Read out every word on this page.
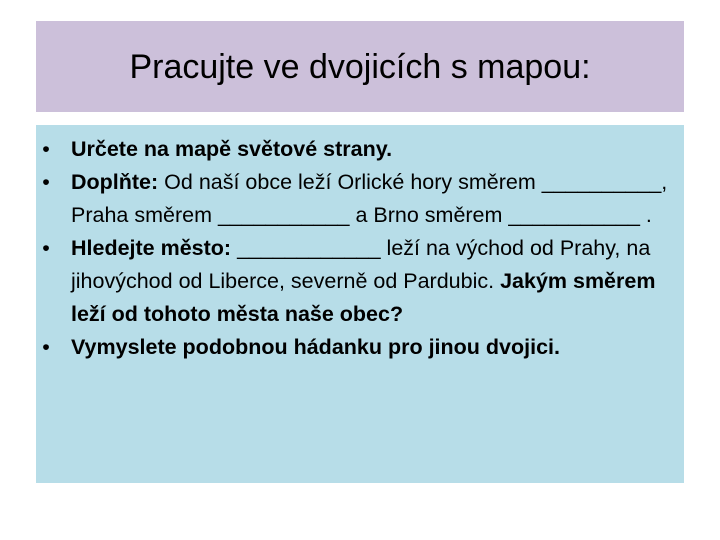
Pracujte ve dvojicích s mapou:
• Určete na mapě světové strany.
• Doplňte: Od naší obce leží Orlické hory směrem __________, Praha směrem ___________ a Brno směrem ___________ .
• Hledejte město: ____________ leží na východ od Prahy, na jihovýchod od Liberce, severně od Pardubic. Jakým směrem leží od tohoto města naše obec?
• Vymyslete podobnou hádanku pro jinou dvojici.
